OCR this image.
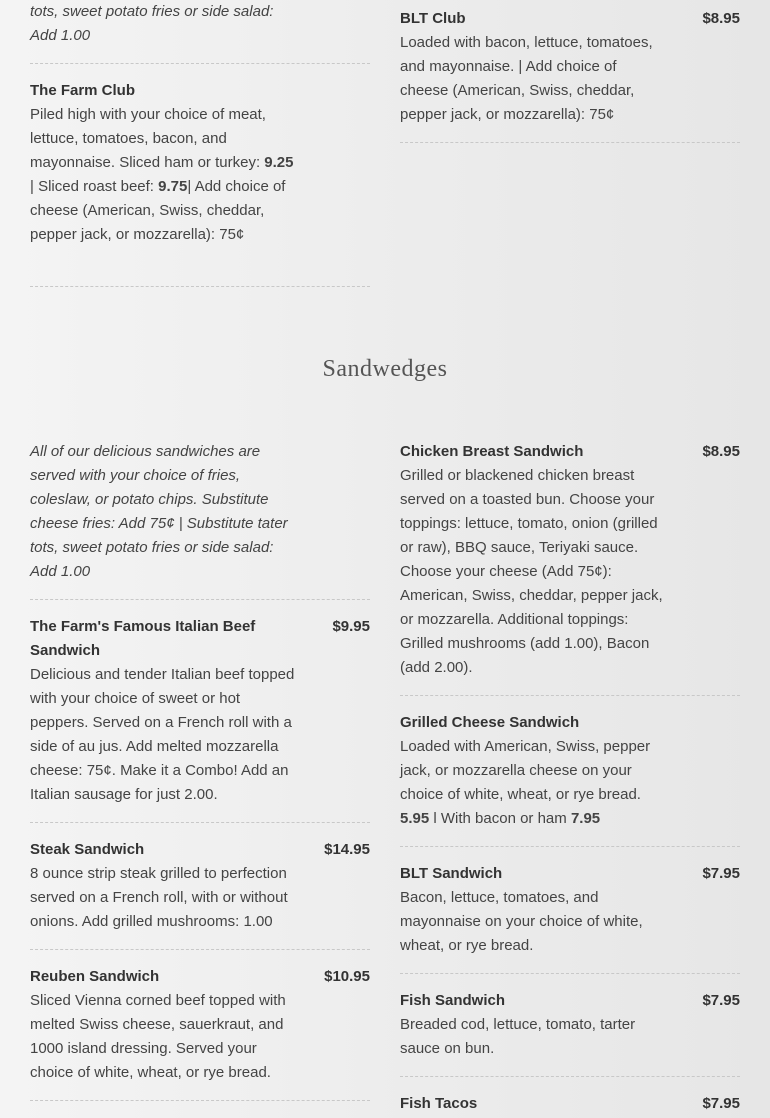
tots, sweet potato fries or side salad:
Add 1.00
The Farm Club
Piled high with your choice of meat, lettuce, tomatoes, bacon, and mayonnaise. Sliced ham or turkey: 9.25 | Sliced roast beef: 9.75| Add choice of cheese (American, Swiss, cheddar, pepper jack, or mozzarella): 75¢
BLT Club	$8.95
Loaded with bacon, lettuce, tomatoes, and mayonnaise. | Add choice of cheese (American, Swiss, cheddar, pepper jack, or mozzarella): 75¢
Sandwedges
All of our delicious sandwiches are served with your choice of fries, coleslaw, or potato chips. Substitute cheese fries: Add 75¢ | Substitute tater tots, sweet potato fries or side salad: Add 1.00
The Farm's Famous Italian Beef Sandwich
$9.95
Delicious and tender Italian beef topped with your choice of sweet or hot peppers. Served on a French roll with a side of au jus. Add melted mozzarella cheese: 75¢. Make it a Combo! Add an Italian sausage for just 2.00.
Steak Sandwich	$14.95
8 ounce strip steak grilled to perfection served on a French roll, with or without onions. Add grilled mushrooms: 1.00
Reuben Sandwich	$10.95
Sliced Vienna corned beef topped with melted Swiss cheese, sauerkraut, and 1000 island dressing. Served your choice of white, wheat, or rye bread.
Chicken Breast Sandwich	$8.95
Grilled or blackened chicken breast served on a toasted bun. Choose your toppings: lettuce, tomato, onion (grilled or raw), BBQ sauce, Teriyaki sauce. Choose your cheese (Add 75¢): American, Swiss, cheddar, pepper jack, or mozzarella. Additional toppings: Grilled mushrooms (add 1.00), Bacon (add 2.00).
Grilled Cheese Sandwich
Loaded with American, Swiss, pepper jack, or mozzarella cheese on your choice of white, wheat, or rye bread.
5.95 l With bacon or ham 7.95
BLT Sandwich	$7.95
Bacon, lettuce, tomatoes, and mayonnaise on your choice of white, wheat, or rye bread.
Fish Sandwich	$7.95
Breaded cod, lettuce, tomato, tarter sauce on bun.
Fish Tacos	$7.95
